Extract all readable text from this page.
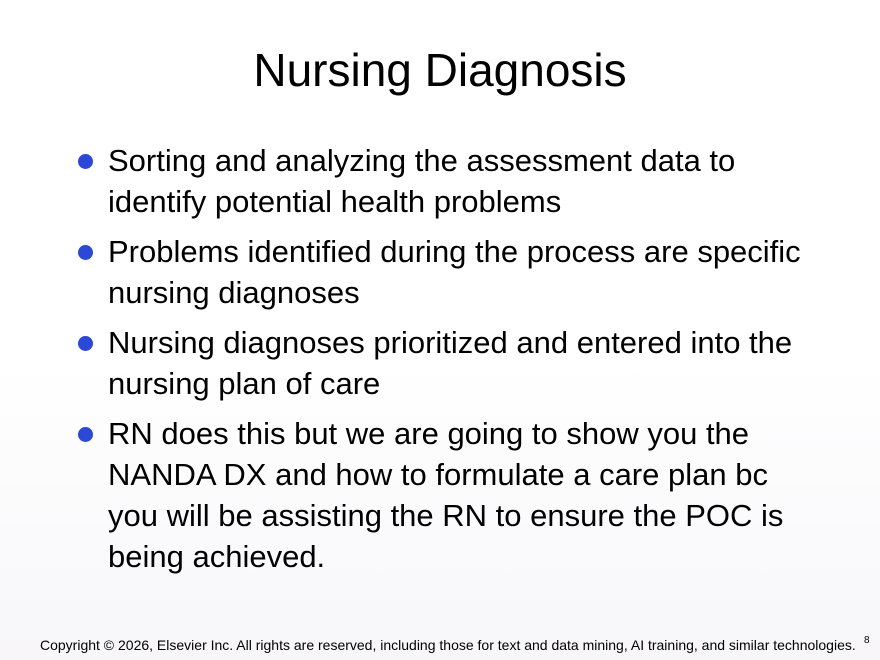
Nursing Diagnosis
Sorting and analyzing the assessment data to identify potential health problems
Problems identified during the process are specific nursing diagnoses
Nursing diagnoses prioritized and entered into the nursing plan of care
RN does this but we are going to show you the NANDA DX and how to formulate a care plan bc you will be assisting the RN to ensure the POC is being achieved.
Copyright © 2026, Elsevier Inc. All rights are reserved, including those for text and data mining, AI training, and similar technologies. 8
